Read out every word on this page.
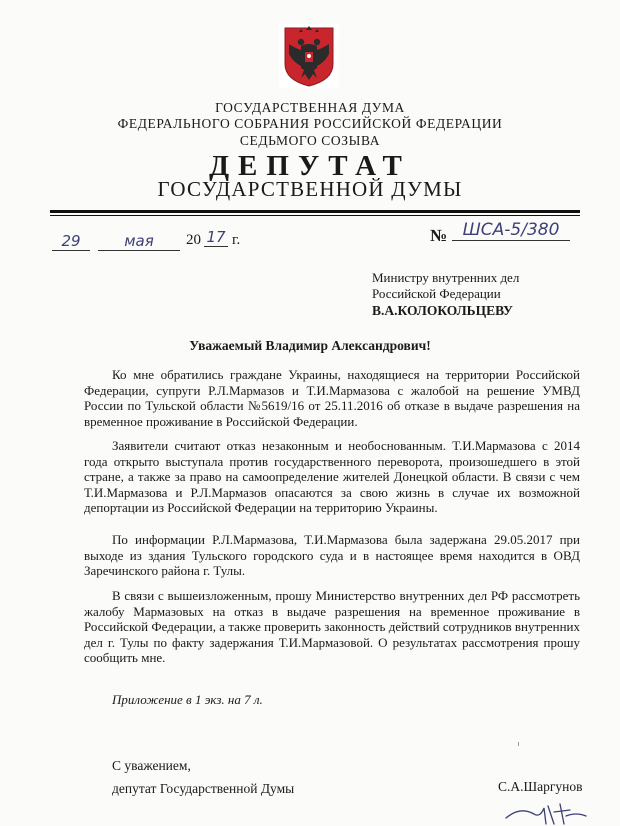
ГОСУДАРСТВЕННАЯ ДУМА
ФЕДЕРАЛЬНОГО СОБРАНИЯ РОССИЙСКОЙ ФЕДЕРАЦИИ
СЕДЬМОГО СОЗЫВА
ДЕПУТАТ
ГОСУДАРСТВЕННОЙ ДУМЫ
29	мая	20 17 г.	№ ШСА-5/380
Министру внутренних дел
Российской Федерации
В.А.КОЛОКОЛЬЦЕВУ
Уважаемый Владимир Александрович!

Ко мне обратились граждане Украины, находящиеся на территории Российской Федерации, супруги Р.Л.Мармазов и Т.И.Мармазова с жалобой на решение УМВД России по Тульской области №5619/16 от 25.11.2016 об отказе в выдаче разрешения на временное проживание в Российской Федерации.

Заявители считают отказ незаконным и необоснованным. Т.И.Мармазова с 2014 года открыто выступала против государственного переворота, произошедшего в этой стране, а также за право на самоопределение жителей Донецкой области. В связи с чем Т.И.Мармазова и Р.Л.Мармазов опасаются за свою жизнь в случае их возможной депортации из Российской Федерации на территорию Украины.

По информации Р.Л.Мармазова, Т.И.Мармазова была задержана 29.05.2017 при выходе из здания Тульского городского суда и в настоящее время находится в ОВД Заречинского района г. Тулы.

В связи с вышеизложенным, прошу Министерство внутренних дел РФ рассмотреть жалобу Мармазовых на отказ в выдаче разрешения на временное проживание в Российской Федерации, а также проверить законность действий сотрудников внутренних дел г. Тулы по факту задержания Т.И.Мармазовой. О результатах рассмотрения прошу сообщить мне.

Приложение в 1 экз. на 7 л.
С уважением,
депутат Государственной Думы	С.А.Шаргунов
